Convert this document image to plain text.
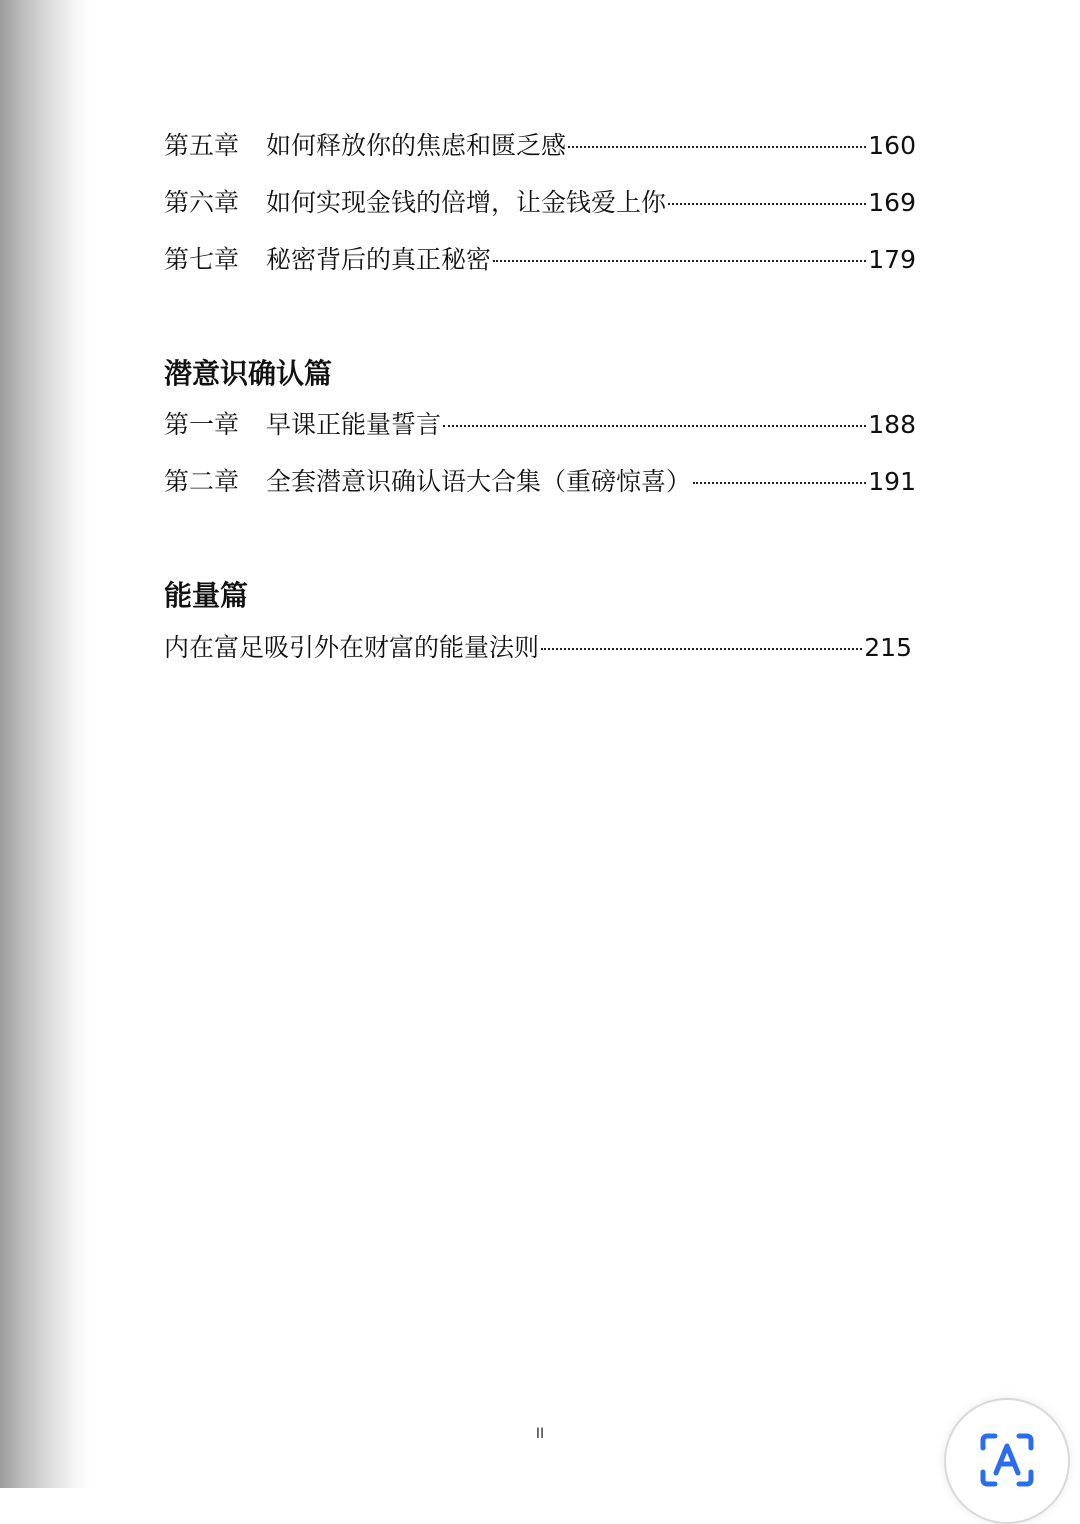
第五章	如何释放你的焦虑和匮乏感	160
第六章	如何实现金钱的倍增，让金钱爱上你	169
第七章	秘密背后的真正秘密	179
潜意识确认篇
第一章	早课正能量誓言	188
第二章	全套潜意识确认语大合集（重磅惊喜）	191
能量篇
内在富足吸引外在财富的能量法则	215
II
